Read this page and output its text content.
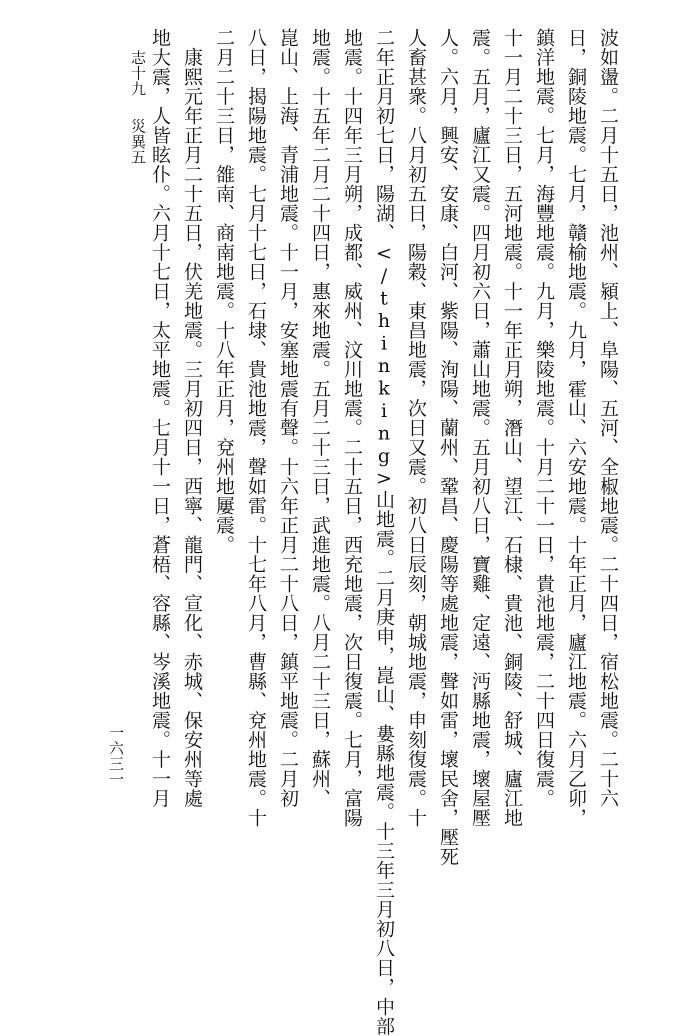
波如盪。二月十五日，池州、潁上、阜陽、五河、全椒地震。二十四日，宿松地震。二十六
日，銅陵地震。七月，贛榆地震。九月，霍山、六安地震。十年正月，廬江地震。六月乙卯，
鎮洋地震。七月，海豐地震。九月，樂陵地震。十月二十一日，貴池地震，二十四日復震。
十一月二十三日，五河地震。十一年正月朔，潛山、望江、石棣、貴池、銅陵、舒城、廬江地
震。五月，廬江又震。四月初六日，蕭山地震。五月初八日，寶雞、定遠、沔縣地震，壞屋壓
人。六月，興安、安康、白河、紫陽、洵陽、蘭州、鞏昌、慶陽等處地震，聲如雷，壞民舍，壓死
人畜甚衆。八月初五日，陽穀、東昌地震，次日又震。初八日辰刻，朝城地震，申刻復震。十
二年正月初七日，陽湖、</thinking>山地震。二月庚申，崑山、婁縣地震。十三年三月初八日，中部
地震。十四年三月朔，成都、威州、汶川地震。二十五日，西充地震，次日復震。七月，富陽
地震。十五年二月二十四日，惠來地震。五月二十三日，武進地震。八月二十三日，蘇州、
崑山、上海、青浦地震。十一月，安塞地震有聲。十六年正月二十八日，鎮平地震。二月初
八日，揭陽地震。七月十七日，石埭、貴池地震，聲如雷。十七年八月，曹縣、兗州地震。十
二月二十三日，雒南、商南地震。十八年正月，兗州地屢震。
　康熙元年正月二十五日，伏羌地震。三月初四日，西寧、龍門、宣化、赤城、保安州等處
地大震，人皆眩仆。六月十七日，太平地震。七月十一日，蒼梧、容縣、岑溪地震。十一月
志十九災異五
一六三一
